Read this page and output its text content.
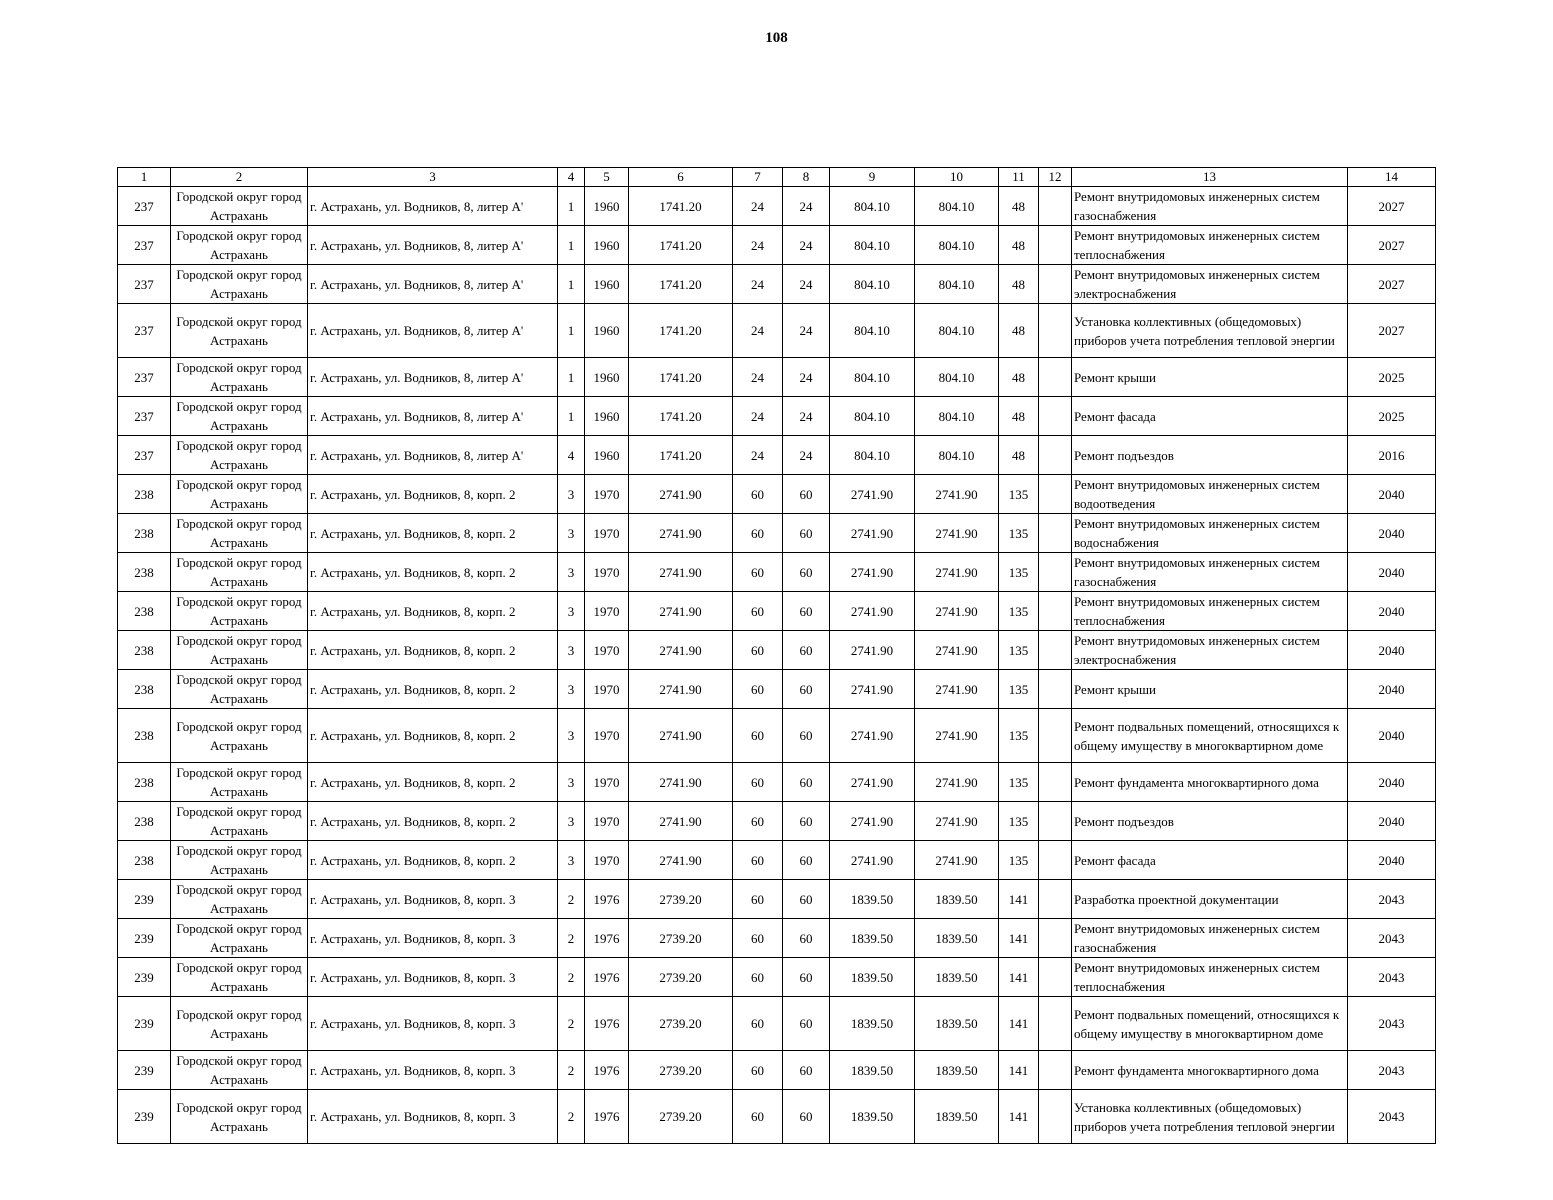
108
1	2	3	4	5	6	7	8	9	10	11	12	13	14
237	Городской округ город Астрахань	г. Астрахань, ул. Водников, 8, литер А'	1	1960	1741.20	24	24	804.10	804.10	48		Ремонт внутридомовых инженерных систем газоснабжения	2027
237	Городской округ город Астрахань	г. Астрахань, ул. Водников, 8, литер А'	1	1960	1741.20	24	24	804.10	804.10	48		Ремонт внутридомовых инженерных систем теплоснабжения	2027
237	Городской округ город Астрахань	г. Астрахань, ул. Водников, 8, литер А'	1	1960	1741.20	24	24	804.10	804.10	48		Ремонт внутридомовых инженерных систем электроснабжения	2027
237	Городской округ город Астрахань	г. Астрахань, ул. Водников, 8, литер А'	1	1960	1741.20	24	24	804.10	804.10	48		Установка коллективных (общедомовых) приборов учета потребления тепловой энергии	2027
237	Городской округ город Астрахань	г. Астрахань, ул. Водников, 8, литер А'	1	1960	1741.20	24	24	804.10	804.10	48		Ремонт крыши	2025
237	Городской округ город Астрахань	г. Астрахань, ул. Водников, 8, литер А'	1	1960	1741.20	24	24	804.10	804.10	48		Ремонт фасада	2025
237	Городской округ город Астрахань	г. Астрахань, ул. Водников, 8, литер А'	4	1960	1741.20	24	24	804.10	804.10	48		Ремонт подъездов	2016
238	Городской округ город Астрахань	г. Астрахань, ул. Водников, 8, корп. 2	3	1970	2741.90	60	60	2741.90	2741.90	135		Ремонт внутридомовых инженерных систем водоотведения	2040
238	Городской округ город Астрахань	г. Астрахань, ул. Водников, 8, корп. 2	3	1970	2741.90	60	60	2741.90	2741.90	135		Ремонт внутридомовых инженерных систем водоснабжения	2040
238	Городской округ город Астрахань	г. Астрахань, ул. Водников, 8, корп. 2	3	1970	2741.90	60	60	2741.90	2741.90	135		Ремонт внутридомовых инженерных систем газоснабжения	2040
238	Городской округ город Астрахань	г. Астрахань, ул. Водников, 8, корп. 2	3	1970	2741.90	60	60	2741.90	2741.90	135		Ремонт внутридомовых инженерных систем теплоснабжения	2040
238	Городской округ город Астрахань	г. Астрахань, ул. Водников, 8, корп. 2	3	1970	2741.90	60	60	2741.90	2741.90	135		Ремонт внутридомовых инженерных систем электроснабжения	2040
238	Городской округ город Астрахань	г. Астрахань, ул. Водников, 8, корп. 2	3	1970	2741.90	60	60	2741.90	2741.90	135		Ремонт крыши	2040
238	Городской округ город Астрахань	г. Астрахань, ул. Водников, 8, корп. 2	3	1970	2741.90	60	60	2741.90	2741.90	135		Ремонт подвальных помещений, относящихся к общему имуществу в многоквартирном доме	2040
238	Городской округ город Астрахань	г. Астрахань, ул. Водников, 8, корп. 2	3	1970	2741.90	60	60	2741.90	2741.90	135		Ремонт фундамента многоквартирного дома	2040
238	Городской округ город Астрахань	г. Астрахань, ул. Водников, 8, корп. 2	3	1970	2741.90	60	60	2741.90	2741.90	135		Ремонт подъездов	2040
238	Городской округ город Астрахань	г. Астрахань, ул. Водников, 8, корп. 2	3	1970	2741.90	60	60	2741.90	2741.90	135		Ремонт фасада	2040
239	Городской округ город Астрахань	г. Астрахань, ул. Водников, 8, корп. 3	2	1976	2739.20	60	60	1839.50	1839.50	141		Разработка проектной документации	2043
239	Городской округ город Астрахань	г. Астрахань, ул. Водников, 8, корп. 3	2	1976	2739.20	60	60	1839.50	1839.50	141		Ремонт внутридомовых инженерных систем газоснабжения	2043
239	Городской округ город Астрахань	г. Астрахань, ул. Водников, 8, корп. 3	2	1976	2739.20	60	60	1839.50	1839.50	141		Ремонт внутридомовых инженерных систем теплоснабжения	2043
239	Городской округ город Астрахань	г. Астрахань, ул. Водников, 8, корп. 3	2	1976	2739.20	60	60	1839.50	1839.50	141		Ремонт подвальных помещений, относящихся к общему имуществу в многоквартирном доме	2043
239	Городской округ город Астрахань	г. Астрахань, ул. Водников, 8, корп. 3	2	1976	2739.20	60	60	1839.50	1839.50	141		Ремонт фундамента многоквартирного дома	2043
239	Городской округ город Астрахань	г. Астрахань, ул. Водников, 8, корп. 3	2	1976	2739.20	60	60	1839.50	1839.50	141		Установка коллективных (общедомовых) приборов учета потребления тепловой энергии	2043
